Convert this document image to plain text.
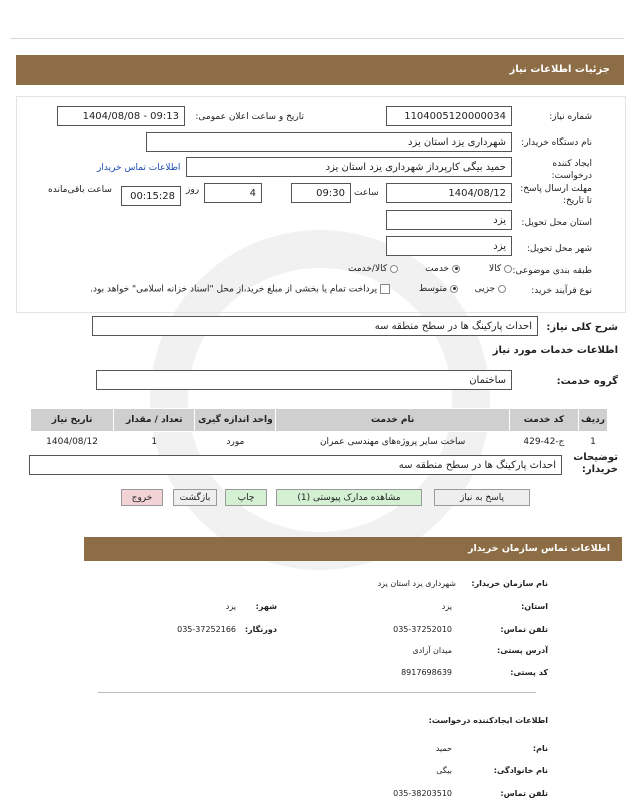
جزئیات اطلاعات نیاز
شماره نیاز:
1104005120000034
تاریخ و ساعت اعلان عمومی:
1404/08/08 - 09:13
نام دستگاه خریدار:
شهرداری یزد استان یزد
ایجاد کننده درخواست:
حمید بیگی کارپرداز شهرداری یزد استان یزد
اطلاعات تماس خریدار
مهلت ارسال پاسخ: تا تاریخ:
1404/08/12
ساعت
09:30
4
روز
00:15:28
ساعت باقی‌مانده
استان محل تحویل:
یزد
شهر محل تحویل:
یزد
طبقه بندی موضوعی:
کالا
خدمت
کالا/خدمت
نوع فرآیند خرید:
جزیی
متوسط
پرداخت تمام یا بخشی از مبلغ خرید،از محل "اسناد خزانه اسلامی" خواهد بود.
شرح کلی نیاز:
احداث پارکینگ ها در سطح منطقه سه
اطلاعات خدمات مورد نیاز
گروه خدمت:
ساختمان
ردیف	کد خدمت	نام خدمت	واحد اندازه گیری	تعداد / مقدار	تاریخ نیاز
1	ج-42-429	ساخت سایر پروژه‌های مهندسی عمران	مورد	1	1404/08/12
توضیحات خریدار:
احداث پارکینگ ها در سطح منطقه سه
پاسخ به نیاز
مشاهده مدارک پیوستی (1)
چاپ
بازگشت
خروج
اطلاعات تماس سازمان خریدار
نام سازمان خریدار:
شهرداری یزد استان یزد
استان:
یزد
شهر:
یزد
تلفن تماس:
035-37252010
دورنگار:
035-37252166
آدرس پستی:
میدان آزادی
کد پستی:
8917698639
اطلاعات ایجادکننده درخواست:
نام:
حمید
نام خانوادگی:
بیگی
تلفن تماس:
035-38203510
